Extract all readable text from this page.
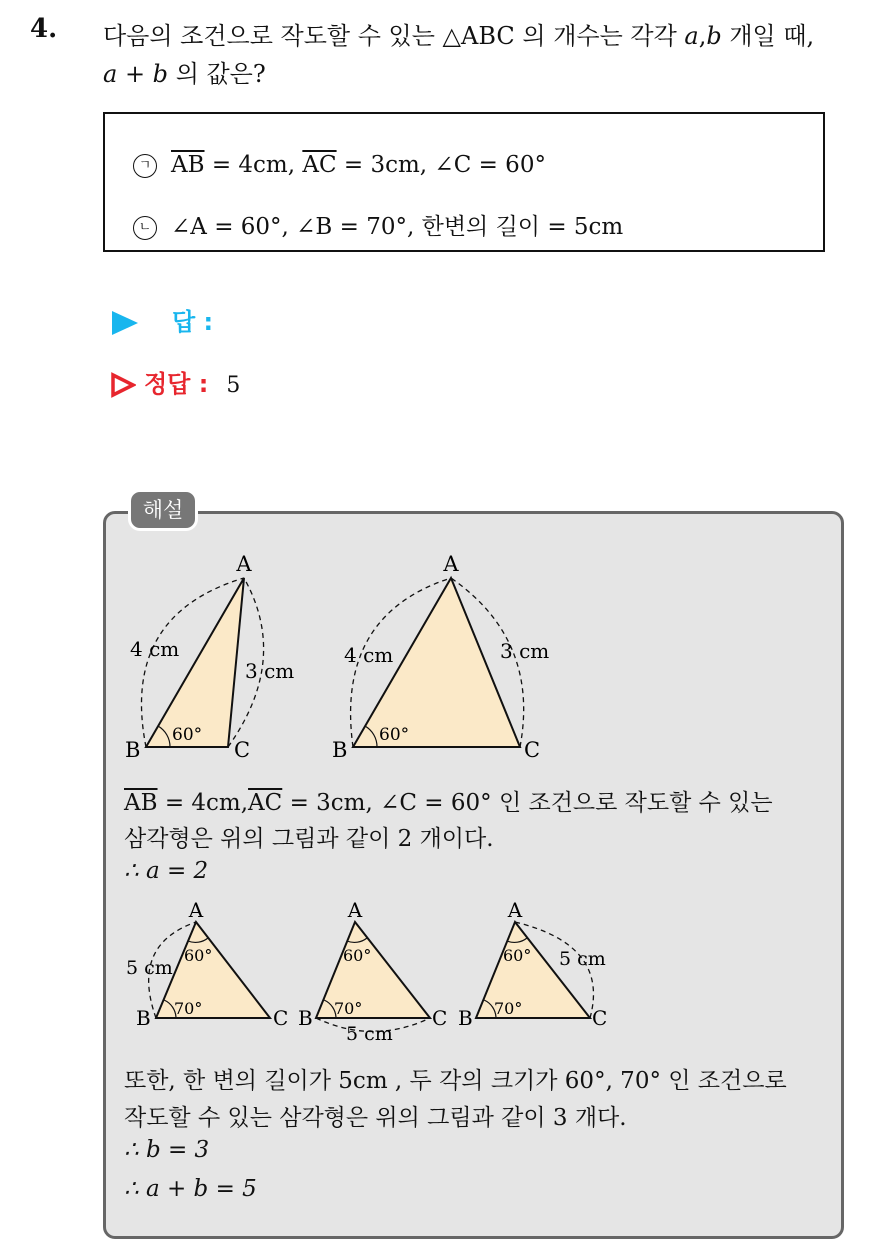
4. 다음의 조건으로 작도할 수 있는 △ABC 의 개수는 각각 a,b 개일 때,
a + b 의 값은?
ㄱ $\overline{AB} = 4cm$, $\overline{AC} = 3cm$, ∠C = 60°
ㄴ ∠A = 60°, ∠B = 70°, 한변의 길이 = 5cm
답 :
정답 : 5
해설
A
B	C
4 cm
3 cm
60°
A
B	C
4 cm	3 cm
60°
$\overline{AB} = 4cm,\overline{AC} = 3cm$, ∠C = 60° 인 조건으로 작도할 수 있는
삼각형은 위의 그림과 같이 2 개이다.
∴ a = 2
A
B	C
5 cm
60°
70°
A
B	C
5 cm
60°
70°
A
B	C
5 cm
60°
70°
또한, 한 변의 길이가 5cm , 두 각의 크기가 60°, 70° 인 조건으로
작도할 수 있는 삼각형은 위의 그림과 같이 3 개다.
∴ b = 3
∴ a + b = 5
